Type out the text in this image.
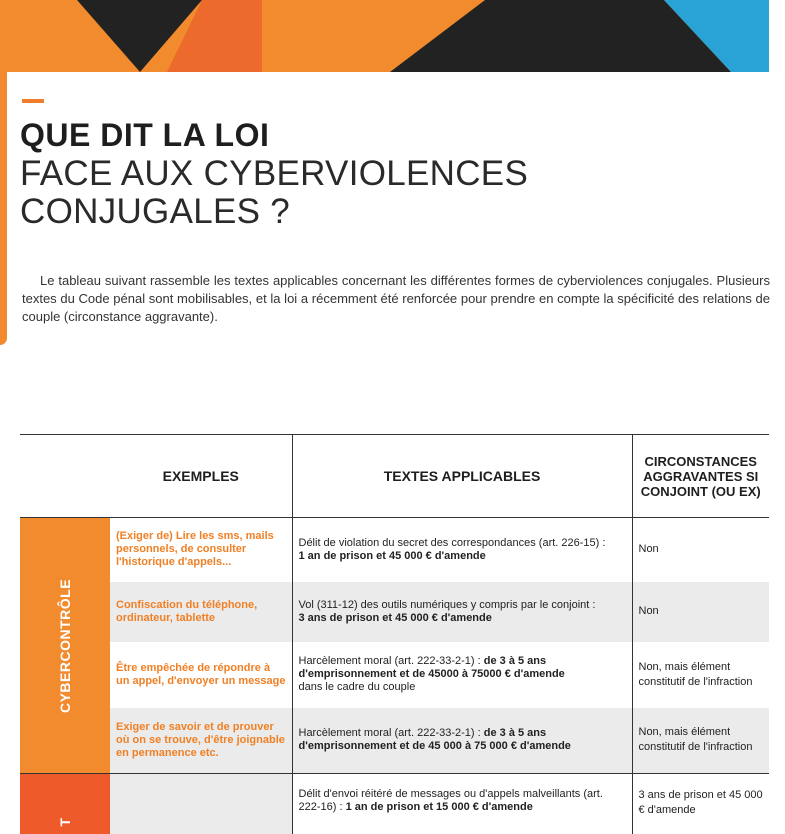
QUE DIT LA LOI
FACE AUX CYBERVIOLENCES
CONJUGALES ?

Le tableau suivant rassemble les textes applicables concernant les différentes formes de cyberviolences conjugales. Plusieurs textes du Code pénal sont mobilisables, et la loi a récemment été renforcée pour prendre en compte la spécificité des relations de couple (circonstance aggravante).

	EXEMPLES	TEXTES APPLICABLES	CIRCONSTANCES AGGRAVANTES SI CONJOINT (OU EX)

CYBERCONTRÔLE	(Exiger de) Lire les sms, mails personnels, de consulter l'historique d'appels...	Délit de violation du secret des correspondances (art. 226-15) :
1 an de prison et 45 000 € d'amende	Non
	Confiscation du téléphone, ordinateur, tablette	Vol (311-12) des outils numériques y compris par le conjoint :
3 ans de prison et 45 000 € d'amende	Non
	Être empêchée de répondre à un appel, d'envoyer un message	Harcèlement moral (art. 222-33-2-1) : de 3 à 5 ans d'emprisonnement et de 45000 à 75000 € d'amende
dans le cadre du couple	Non, mais élément constitutif de l'infraction
	Exiger de savoir et de prouver où on se trouve, d'être joignable en permanence etc.	Harcèlement moral (art. 222-33-2-1) : de 3 à 5 ans d'emprisonnement et de 45 000 à 75 000 € d'amende	Non, mais élément constitutif de l'infraction

T		Délit d'envoi réitéré de messages ou d'appels malveillants (art. 222-16) : 1 an de prison et 15 000 € d'amende	3 ans de prison et 45 000 € d'amende
